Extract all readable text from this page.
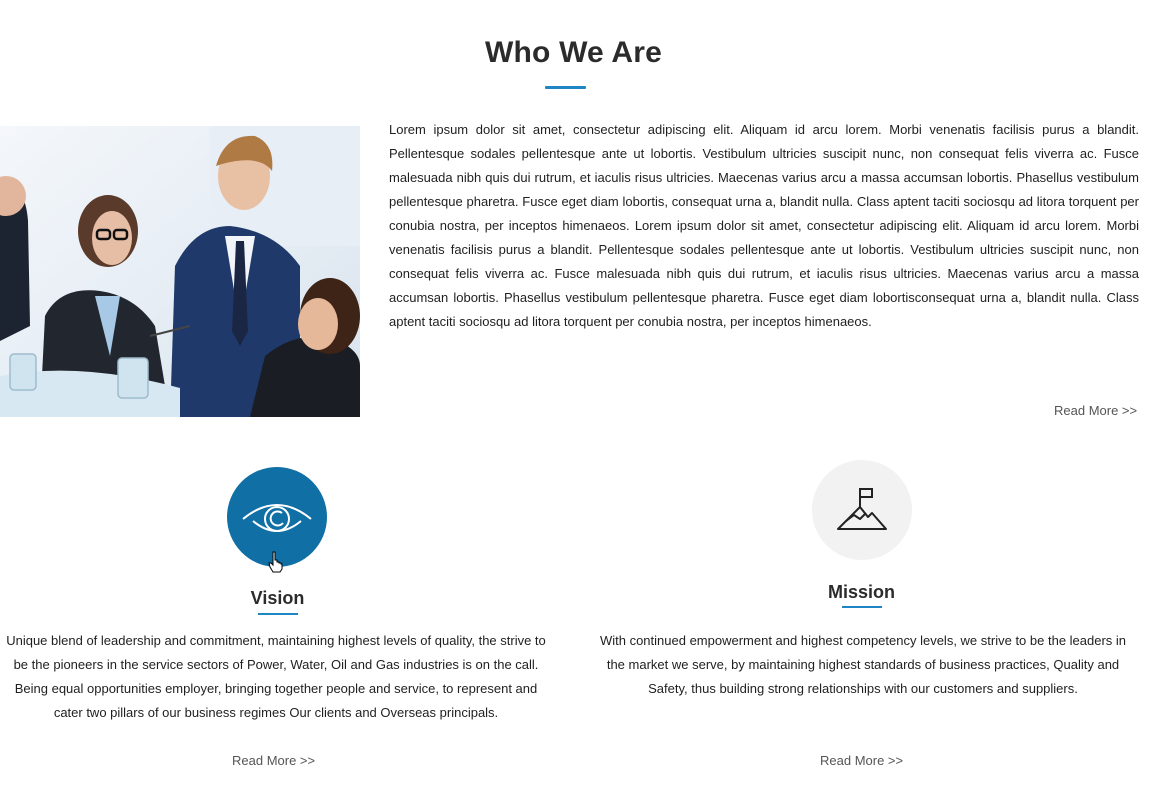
Who We Are

Lorem ipsum dolor sit amet, consectetur adipiscing elit. Aliquam id arcu lorem. Morbi venenatis facilisis purus a blandit. Pellentesque sodales pellentesque ante ut lobortis. Vestibulum ultricies suscipit nunc, non consequat felis viverra ac. Fusce malesuada nibh quis dui rutrum, et iaculis risus ultricies. Maecenas varius arcu a massa accumsan lobortis. Phasellus vestibulum pellentesque pharetra. Fusce eget diam lobortis, consequat urna a, blandit nulla. Class aptent taciti sociosqu ad litora torquent per conubia nostra, per inceptos himenaeos. Lorem ipsum dolor sit amet, consectetur adipiscing elit. Aliquam id arcu lorem. Morbi venenatis facilisis purus a blandit. Pellentesque sodales pellentesque ante ut lobortis. Vestibulum ultricies suscipit nunc, non consequat felis viverra ac. Fusce malesuada nibh quis dui rutrum, et iaculis risus ultricies. Maecenas varius arcu a massa accumsan lobortis. Phasellus vestibulum pellentesque pharetra. Fusce eget diam lobortisconsequat urna a, blandit nulla. Class aptent taciti sociosqu ad litora torquent per conubia nostra, per inceptos himenaeos.

Read More >>
Vision

Unique blend of leadership and commitment, maintaining highest levels of quality, the strive to be the pioneers in the service sectors of Power, Water, Oil and Gas industries is on the call. Being equal opportunities employer, bringing together people and service, to represent and cater two pillars of our business regimes Our clients and Overseas principals.

Read More >>
Mission

With continued empowerment and highest competency levels, we strive to be the leaders in the market we serve, by maintaining highest standards of business practices, Quality and Safety, thus building strong relationships with our customers and suppliers.

Read More >>
